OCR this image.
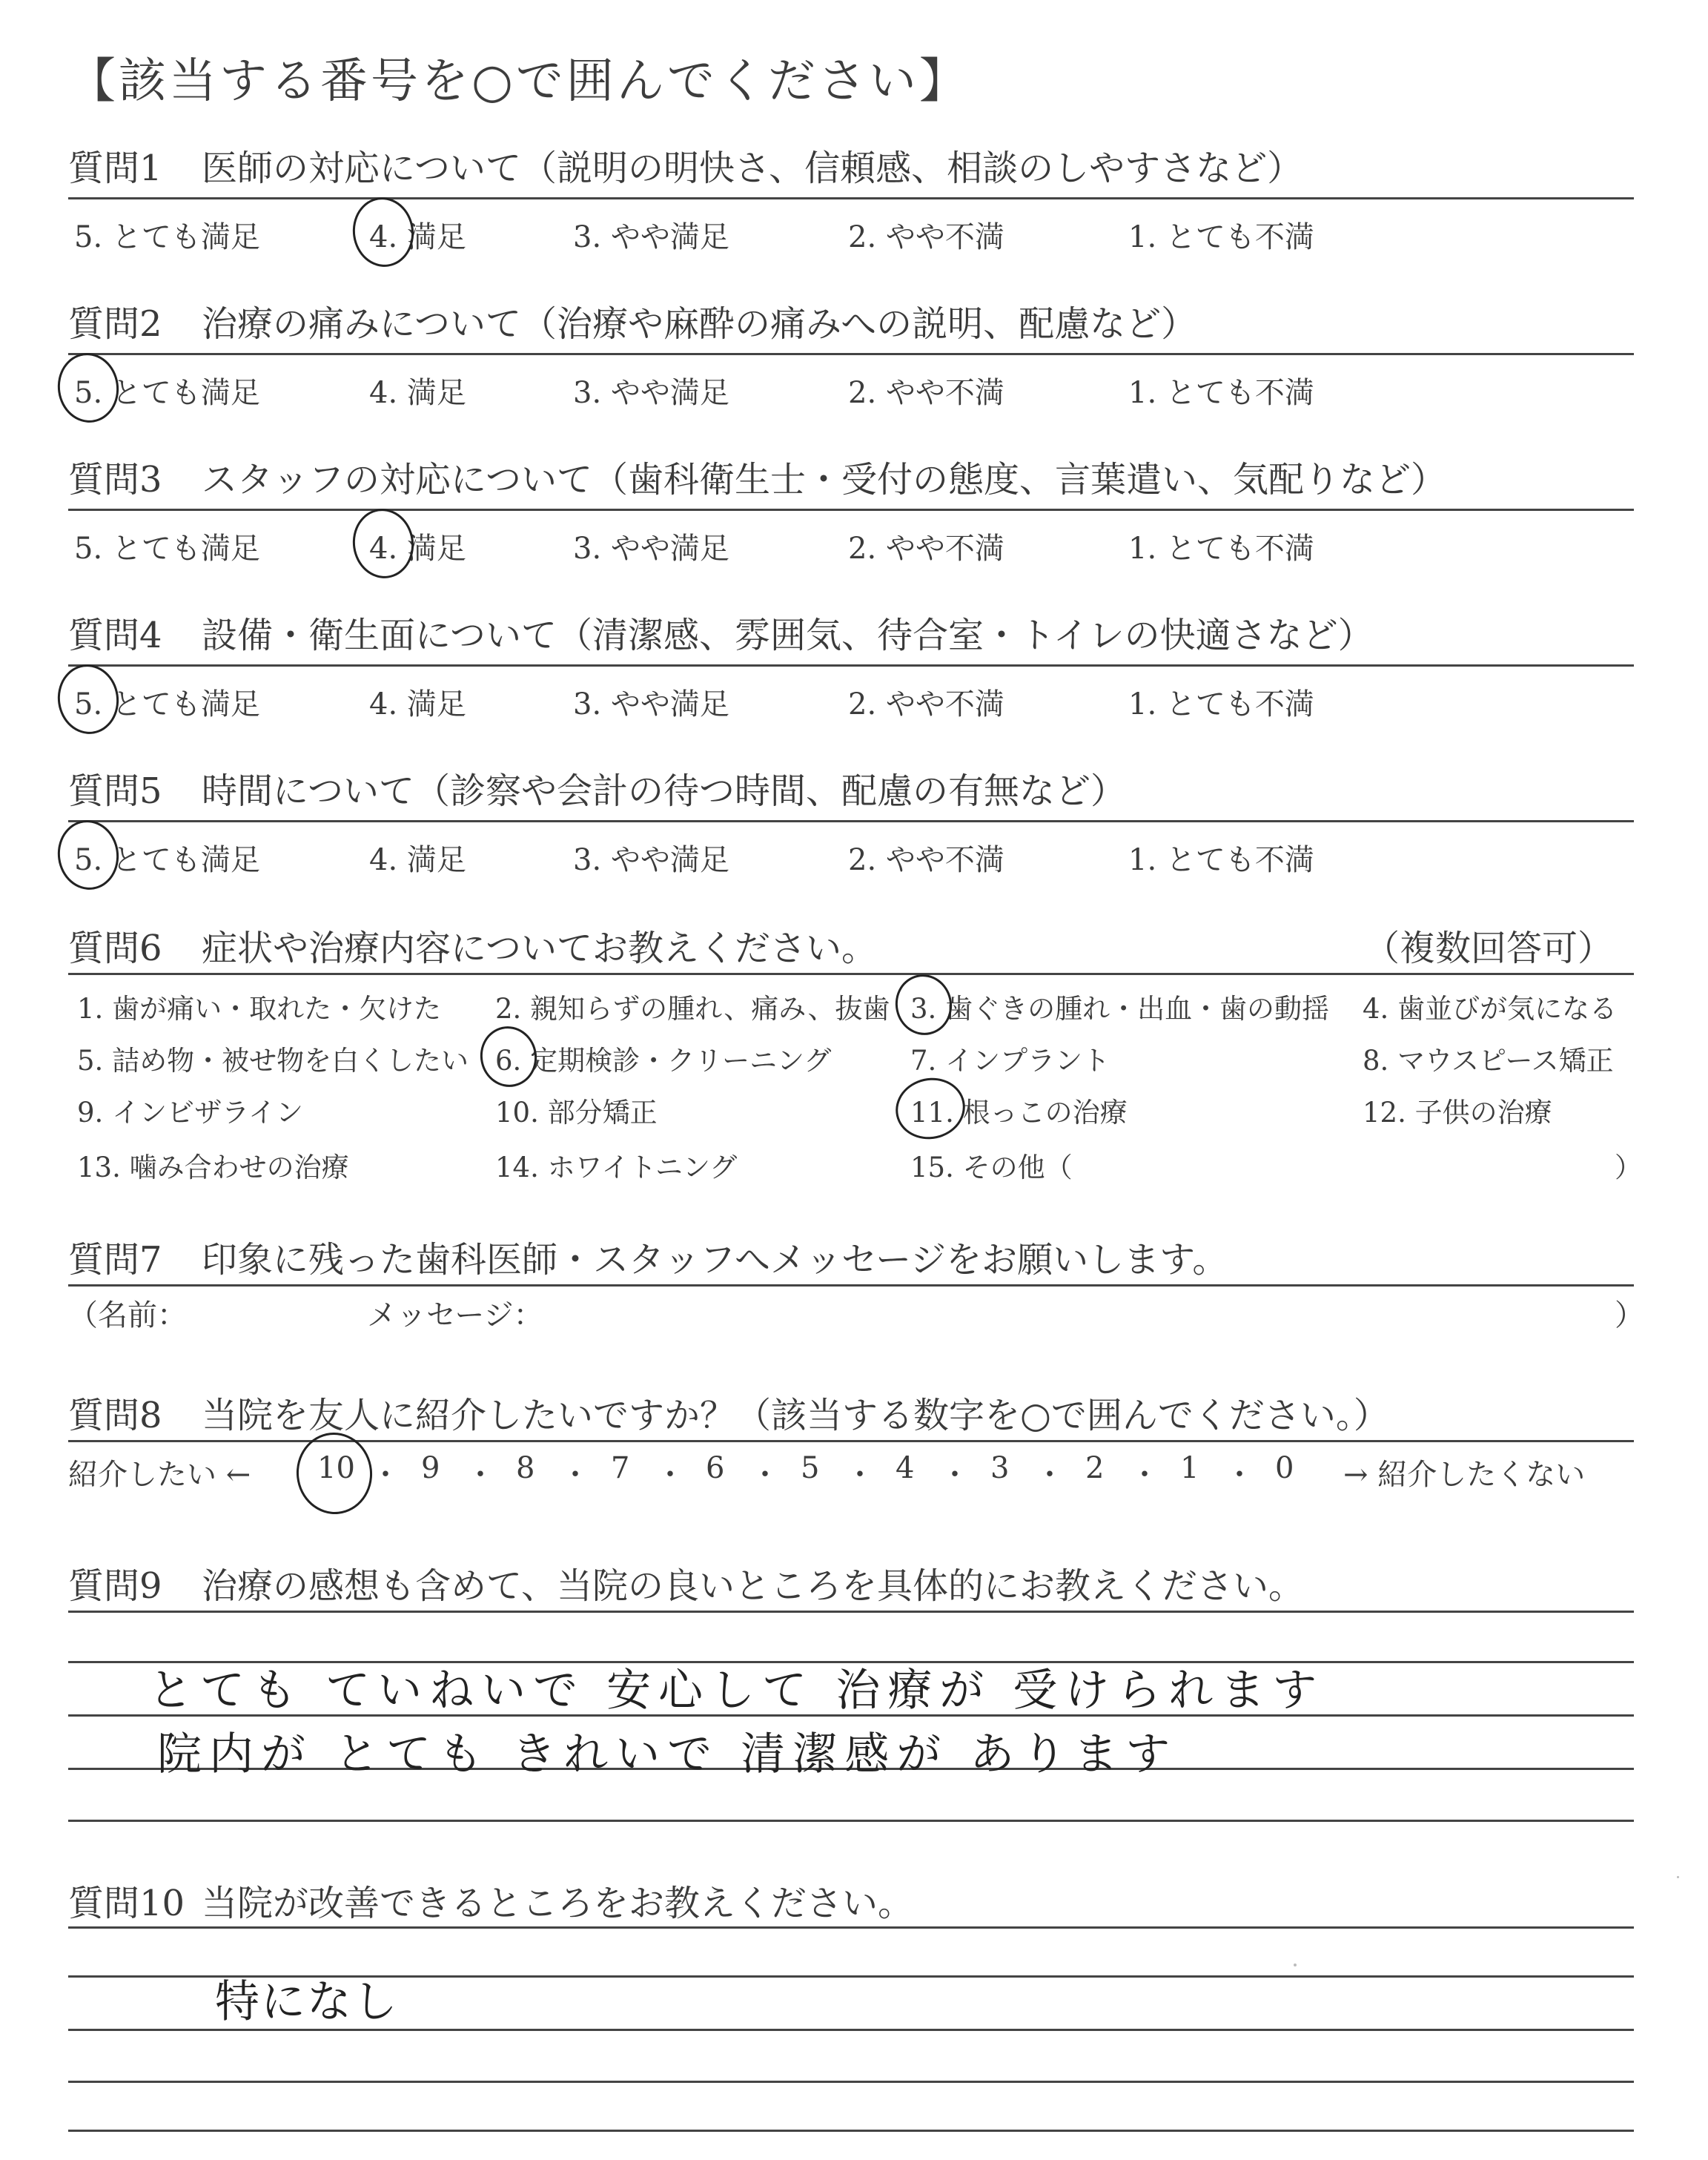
【該当する番号を○で囲んでください】
質問1 医師の対応について（説明の明快さ、信頼感、相談のしやすさなど）
5. とても満足	4. 満足	3. やや満足	2. やや不満	1. とても不満
質問2 治療の痛みについて（治療や麻酔の痛みへの説明、配慮など）
5. とても満足	4. 満足	3. やや満足	2. やや不満	1. とても不満
質問3 スタッフの対応について（歯科衛生士・受付の態度、言葉遣い、気配りなど）
5. とても満足	4. 満足	3. やや満足	2. やや不満	1. とても不満
質問4 設備・衛生面について（清潔感、雰囲気、待合室・トイレの快適さなど）
5. とても満足	4. 満足	3. やや満足	2. やや不満	1. とても不満
質問5 時間について（診察や会計の待つ時間、配慮の有無など）
5. とても満足	4. 満足	3. やや満足	2. やや不満	1. とても不満
質問6 症状や治療内容についてお教えください。	（複数回答可）
1. 歯が痛い・取れた・欠けた 2. 親知らずの腫れ、痛み、抜歯 3. 歯ぐきの腫れ・出血・歯の動揺 4. 歯並びが気になる
5. 詰め物・被せ物を白くしたい 6. 定期検診・クリーニング	7. インプラント	8. マウスピース矯正
9. インビザライン	10. 部分矯正	11. 根っこの治療	12. 子供の治療
13. 噛み合わせの治療	14. ホワイトニング	15. その他（	）
質問7 印象に残った歯科医師・スタッフへメッセージをお願いします。
（名前：	メッセージ：	）
質問8 当院を友人に紹介したいですか？（該当する数字を○で囲んでください。）
紹介したい ← 10 ・ 9 ・ 8 ・ 7 ・ 6 ・ 5 ・ 4 ・ 3 ・ 2 ・ 1 ・ 0 → 紹介したくない
質問9 治療の感想も含めて、当院の良いところを具体的にお教えください。
とても ていねいで 安心して 治療が 受けられます
院内が とても きれいで 清潔感が あります
質問10 当院が改善できるところをお教えください。
特になし
